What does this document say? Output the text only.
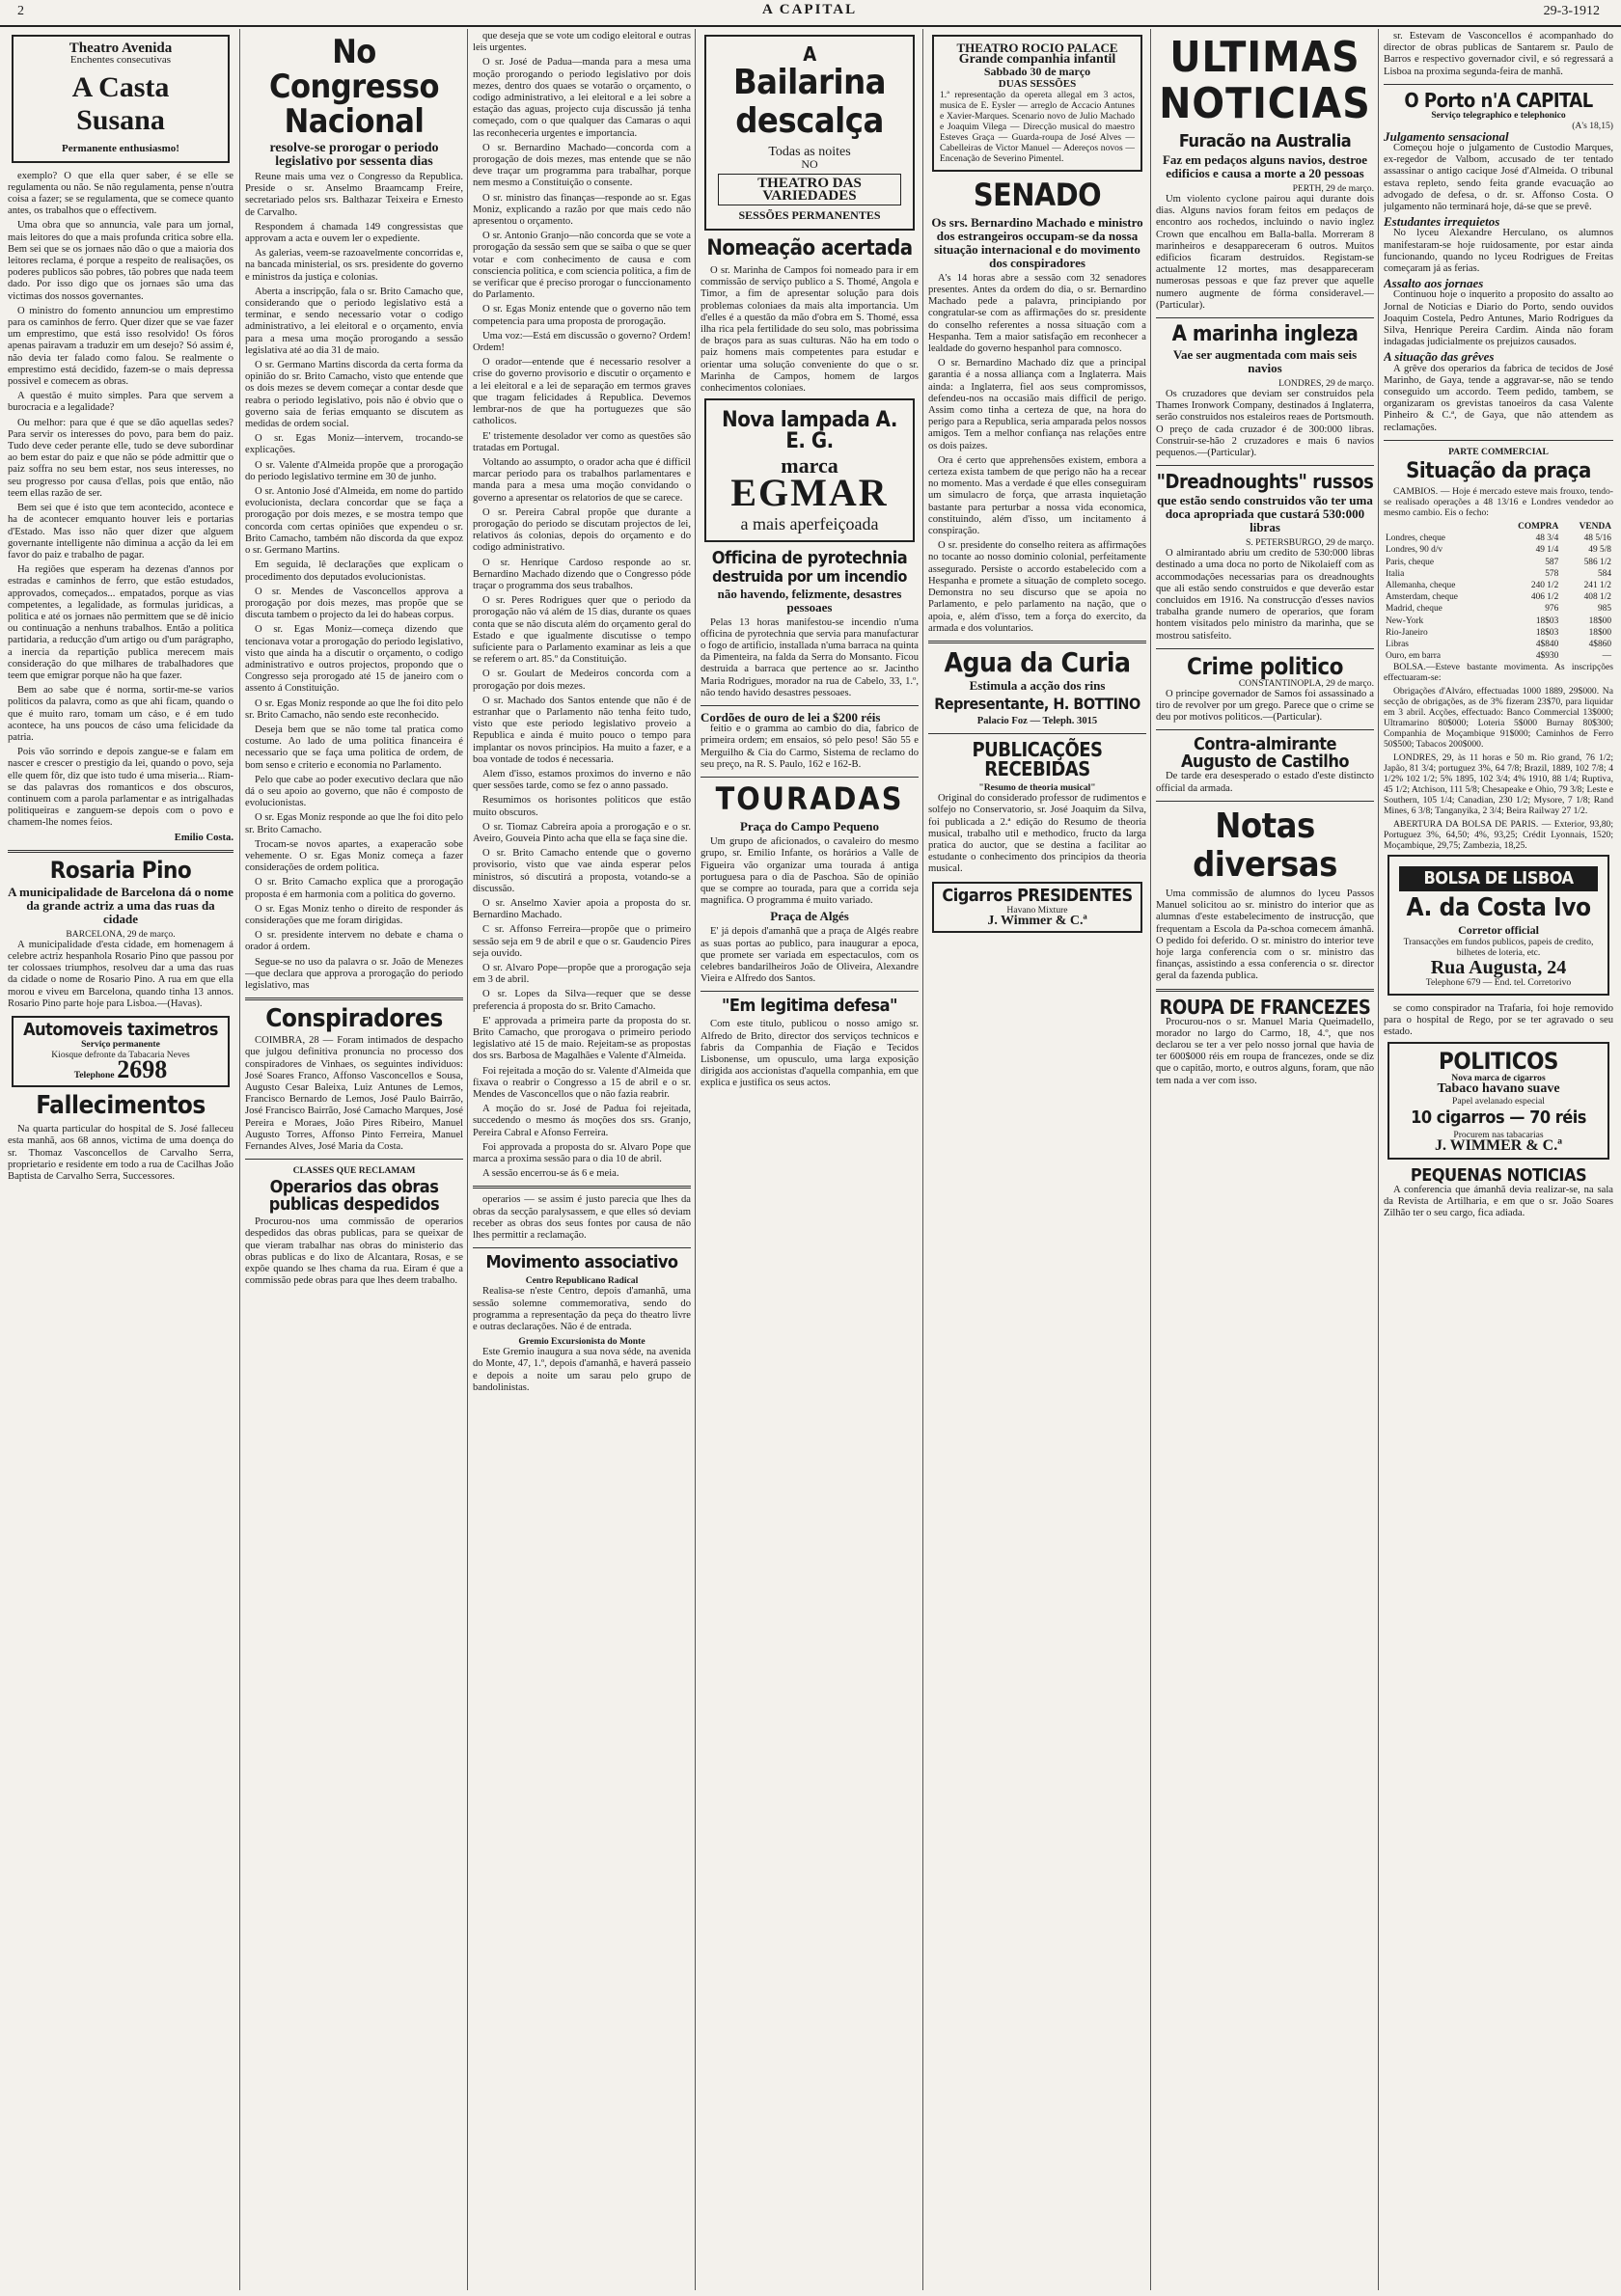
2	A CAPITAL	29-3-1912
Theatro Avenida
Enchentes consecutivas
A Casta
Susana
Permanente enthusiasmo!

exemplo? O que ella quer saber, é se elle se regulamenta ou não. Se não regulamenta, pense n'outra coisa a fazer; se se regulamenta, que se comece quanto antes, os trabalhos que o effectivem.

Uma obra que so annuncia, vale para um jornal, mais leitores do que a mais profunda critica sobre ella. Bem sei que se os jornaes não dão o que a maioria dos leitores reclama, é porque a respeito de realisações, os poderes publicos são pobres, tão pobres que nada teem dado. Por isso digo que os jornaes são uma das victimas dos nossos governantes.

O ministro do fomento annunciou um emprestimo para os caminhos de ferro. Quer dizer que se vae fazer um emprestimo, que está isso resolvido! Os fóros apenas pairavam a traduzir em um desejo? Só assim é, não devia ter falado como falou. Se realmente o emprestimo está decidido, fazem-se o mais depressa possivel e comecem as obras.

A questão é muito simples. Para que servem a burocracia e a legalidade?

Ou melhor: para que é que se dão aquellas sedes? Para servir os interesses do povo, para bem do paiz. Tudo deve ceder perante elle, tudo se deve subordinar ao bem estar do paiz e que não se póde admittir que o paiz soffra no seu bem estar, nos seus interesses, no seu progresso por causa d'ellas, pois que então, não teem ellas razão de ser.

Bem sei que é isto que tem acontecido, acontece e ha de acontecer emquanto houver leis e portarias d'Estado. Mas isso não quer dizer que alguem governante intelligente não diminua a acção da lei em favor do paiz e trabalho de pagar.

Ha regiões que esperam ha dezenas d'annos por estradas e caminhos de ferro, que estão estudados, approvados, começados... empatados, porque as vias competentes, a legalidade, as formulas juridicas, a politica e até os jornaes não permittem que se dê inicio ou continuação a nenhuns trabalhos. Então a politica partidaria, a reducção d'um artigo ou d'um parágrapho, a inercia da repartição publica merecem mais consideração do que milhares de trabalhadores que teem que emigrar porque não ha que fazer.

Bem ao sabe que é norma, sortir-me-se varios politicos da palavra, como as que ahi ficam, quando o que é muito raro, tomam um cáso, e é em tudo acontece, ha uns poucos de cáso uma felicidade da patria.

Pois vão sorrindo e depois zangue-se e falam em nascer e crescer o prestigio da lei, quando o povo, seja elle quem fôr, diz que isto tudo é uma miseria... Riam-se das palavras dos romanticos e dos obscuros, continuem com a parola parlamentar e as intrigalhadas politiqueiras e zanguem-se depois com o povo e chamem-lhe nomes feios.

Emilio Costa.
Rosaria Pino
A municipalidade de Barcelona dá o nome da grande actriz a uma das ruas da cidade
BARCELONA, 29 de março.

A municipalidade d'esta cidade, em homenagem á celebre actriz hespanhola Rosario Pino que passou por ter colossaes triumphos, resolveu dar a uma das ruas da cidade o nome de Rosario Pino. A rua em que ella morou e viveu em Barcelona, quando tinha 13 annos. Rosario Pino parte hoje para Lisboa.—(Havas).

Automoveis taximetros
Serviço permanente
Kiosque defronte da Tabacaria Neves
Telephone 2698
Fallecimentos

Na quarta particular do hospital de S. José falleceu esta manhã, aos 68 annos, victima de uma doença do sr. Thomaz Vasconcellos de Carvalho Serra, proprietario e residente em todo a rua de Cacilhas João Baptista de Carvalho Serra, Successores.

No Congresso Nacional
resolve-se prorogar o periodo legislativo por sessenta dias

Reune mais uma vez o Congresso da Republica. Preside o sr. Anselmo Braamcamp Freire, secretariado pelos srs. Balthazar Teixeira e Ernesto de Carvalho.

Respondem á chamada 149 congressistas que approvam a acta e ouvem ler o expediente.

As galerias, veem-se razoavelmente concorridas e, na bancada ministerial, os srs. presidente do governo e ministros da justiça e colonias.

Aberta a inscripção, fala o sr. Brito Camacho que, considerando que o periodo legislativo está a terminar, e sendo necessario votar o codigo administrativo, a lei eleitoral e o orçamento, envia para a mesa uma moção prorogando a sessão legislativa até ao dia 31 de maio.

O sr. Germano Martins discorda da certa forma da opinião do sr. Brito Camacho, visto que entende que os dois mezes se devem começar a contar desde que reabra o periodo legislativo, pois não é obvio que o governo saia de ferias emquanto se discutem as medidas de ordem social.

O sr. Egas Moniz—intervem, trocando-se explicações.

O sr. Valente d'Almeida propõe que a prorogação do periodo legislativo termine em 30 de junho.

O sr. Antonio José d'Almeida, em nome do partido evolucionista, declara concordar que se faça a prorogação por dois mezes, e se mostra tempo que concorda com certas opiniões que expendeu o sr. Brito Camacho, também não discorda da que expoz o sr. Germano Martins.

Em seguida, lê declarações que explicam o procedimento dos deputados evolucionistas.

O sr. Mendes de Vasconcellos approva a prorogação por dois mezes, mas propõe que se discuta tambem o projecto da lei do habeas corpus.

O sr. Egas Moniz—começa dizendo que tencionava votar a prorogação do periodo legislativo, visto que ainda ha a discutir o orçamento, o codigo administrativo e outros projectos, propondo que o Congresso seja prorogado até 15 de janeiro com o assento á Constituição.

O sr. Egas Moniz responde ao que lhe foi dito pelo sr. Brito Camacho, não sendo este reconhecido.

Deseja bem que se não tome tal pratica como costume. Ao lado de uma politica financeira é necessario que se faça uma politica de ordem, de bom senso e criterio e economia no Parlamento.

Pelo que cabe ao poder executivo declara que não dá o seu apoio ao governo, que não é composto de evolucionistas.

O sr. Egas Moniz responde ao que lhe foi dito pelo sr. Brito Camacho.

Trocam-se novos apartes, a exaperacão sobe vehemente. O sr. Egas Moniz começa a fazer considerações de ordem politica.

O sr. Brito Camacho explica que a prorogação proposta é em harmonia com a politica do governo.

O sr. Egas Moniz tenho o direito de responder ás considerações que me foram dirigidas.

O sr. presidente intervem no debate e chama o orador á ordem.

Segue-se no uso da palavra o sr. João de Menezes—que declara que approva a prorogação do periodo legislativo, mas

Conspiradores

COIMBRA, 28 — Foram intimados de despacho que julgou definitiva pronuncia no processo dos conspiradores de Vinhaes, os seguintes individuos: José Soares Franco, Affonso Vasconcellos e Sousa, Augusto Cesar Baleixa, Luiz Antunes de Lemos, Francisco Bernardo de Lemos, José Paulo Bairrão, José Francisco Bairrão, José Camacho Marques, José Pereira e Moraes, João Pires Ribeiro, Manuel Augusto Torres, Affonso Pinto Ferreira, Manuel Fernandes Alves, José Maria da Costa.

CLASSES QUE RECLAMAM
Operarios das obras publicas despedidos

Procurou-nos uma commissão de operarios despedidos das obras publicas, para se queixar de que vieram trabalhar nas obras do ministerio das obras publicas e do lixo de Alcantara, Rosas, e se expõe quando se lhes chama da rua. Eiram é que a commissão pede obras para que lhes deem trabalho.

que deseja que se vote um codigo eleitoral e outras leis urgentes.

O sr. José de Padua—manda para a mesa uma moção prorogando o periodo legislativo por dois mezes, dentro dos quaes se votarão o orçamento, o codigo administrativo, a lei eleitoral e a lei sobre a estação das aguas, projecto cuja discussão já tenha começado, com o que qualquer das Camaras o aqui las reconheceria urgentes e importancia.

O sr. Bernardino Machado—concorda com a prorogação de dois mezes, mas entende que se não deve traçar um programma para trabalhar, porque nem mesmo a Constituição o consente.

O sr. ministro das finanças—responde ao sr. Egas Moniz, explicando a razão por que mais cedo não apresentou o orçamento.

O sr. Antonio Granjo—não concorda que se vote a prorogação da sessão sem que se saiba o que se quer votar e com conhecimento de causa e com consciencia politica, e com sciencia politica, a fim de se verificar que é preciso prorogar o funccionamento do Parlamento.

O sr. Egas Moniz entende que o governo não tem competencia para uma proposta de prorogação.

Uma voz:—Está em discussão o governo? Ordem! Ordem!

O orador—entende que é necessario resolver a crise do governo provisorio e discutir o orçamento e a lei eleitoral e a lei de separação em termos graves que tragam felicidades á Republica. Devemos lembrar-nos de que ha portuguezes que são catholicos.

E' tristemente desolador ver como as questões são tratadas em Portugal.

Voltando ao assumpto, o orador acha que é difficil marcar periodo para os trabalhos parlamentares e manda para a mesa uma moção convidando o governo a apresentar os relatorios de que se carece.

O sr. Pereira Cabral propõe que durante a prorogação do periodo se discutam projectos de lei, relativos ás colonias, depois do orçamento e do codigo administrativo.

O sr. Henrique Cardoso responde ao sr. Bernardino Machado dizendo que o Congresso póde traçar o programma dos seus trabalhos.

O sr. Peres Rodrigues quer que o periodo da prorogação não vá além de 15 dias, durante os quaes conta que se não discuta além do orçamento geral do Estado e que igualmente discutisse o tempo suficiente para o Parlamento examinar as leis a que se referem o art. 85.º da Constituição.

O sr. Goulart de Medeiros concorda com a prorogação por dois mezes.

O sr. Machado dos Santos entende que não é de estranhar que o Parlamento não tenha feito tudo, visto que este periodo legislativo proveio a Republica e ainda é muito pouco o tempo para implantar os novos principios. Ha muito a fazer, e a boa vontade de todos é necessaria.

Alem d'isso, estamos proximos do inverno e não quer sessões tarde, como se fez o anno passado.

Resumimos os horisontes politicos que estão muito obscuros.

O sr. Tiomaz Cabreira apoia a prorogação e o sr. Aveiro, Gouveia Pinto acha que ella se faça sine die.

O sr. Brito Camacho entende que o governo provisorio, visto que vae ainda esperar pelos ministros, só discutirá a proposta, votando-se a discussão.

O sr. Anselmo Xavier apoia a proposta do sr. Bernardino Machado.

C sr. Affonso Ferreira—propõe que o primeiro sessão seja em 9 de abril e que o sr. Gaudencio Pires seja ouvido.

O sr. Alvaro Pope—propõe que a prorogação seja em 3 de abril.

O sr. Lopes da Silva—requer que se desse preferencia á proposta do sr. Brito Camacho.

E' approvada a primeira parte da proposta do sr. Brito Camacho, que prorogava o primeiro periodo legislativo até 15 de maio. Rejeitam-se as propostas dos srs. Barbosa de Magalhães e Valente d'Almeida.

Foi rejeitada a moção do sr. Valente d'Almeida que fixava o reabrir o Congresso a 15 de abril e o sr. Mendes de Vasconcellos que o não fazia reabrir.

A moção do sr. José de Padua foi rejeitada, succedendo o mesmo ás moções dos srs. Granjo, Pereira Cabral e Afonso Ferreira.

Foi approvada a proposta do sr. Alvaro Pope que marca a proxima sessão para o dia 10 de abril.

A sessão encerrou-se ás 6 e meia.

operarios — se assim é justo parecia que lhes da obras da secção paralysassem, e que elles só deviam receber as obras dos seus fontes por causa de não lhes permittir a reclamação.

Movimento associativo
Centro Republicano Radical

Realisa-se n'este Centro, depois d'amanhã, uma sessão solemne commemorativa, sendo do programma a representação da peça do theatro livre e outras declarações. Não é de entrada.

Gremio Excursionista do Monte

Este Gremio inaugura a sua nova séde, na avenida do Monte, 47, 1.º, depois d'amanhã, e haverá passeio e depois a noite um sarau pelo grupo de bandolinistas.

A
Bailarina
descalça
Todas as noites
NO
THEATRO DAS VARIEDADES
SESSÕES PERMANENTES
Nomeação acertada

O sr. Marinha de Campos foi nomeado para ir em commissão de serviço publico a S. Thomé, Angola e Timor, a fim de apresentar solução para dois problemas coloniaes da mais alta importancia. Um d'elles é a questão da mão d'obra em S. Thomé, essa ilha rica pela fertilidade do seu solo, mas pobrissima de braços para as suas culturas. Não ha em todo o paiz homens mais competentes para estudar e orientar uma solução conveniente do que o sr. Marinha de Campos, homem de largos conhecimentos coloniaes.

Nova lampada A. E. G.
marca
EGMAR
a mais aperfeiçoada
Officina de pyrotechnia
destruida por um incendio
não havendo, felizmente, desastres pessoaes

Pelas 13 horas manifestou-se incendio n'uma officina de pyrotechnia que servia para manufacturar o fogo de artificio, installada n'uma barraca na quinta da Pimenteira, na falda da Serra do Monsanto. Ficou destruida a barraca que pertence ao sr. Jacintho Maria Rodrigues, morador na rua de Cabelo, 33, 1.º, não tendo havido desastres pessoaes.

Cordões de ouro de lei a $200 réis

feitio e o gramma ao cambio do dia, fabrico de primeira ordem; em ensaios, só pelo peso! São 55 e Merguilho & Cia do Carmo, Sistema de reclamo do seu preço, na R. S. Paulo, 162 e 162-B.

TOURADAS
Praça do Campo Pequeno

Um grupo de aficionados, o cavaleiro do mesmo grupo, sr. Emilio Infante, os horários a Valle de Figueira vão organizar uma tourada á antiga portuguesa para o dia de Paschoa. São de opinião que se compre ao tourada, para que a corrida seja magnifica. O programma é muito variado.

Praça de Algés

E' já depois d'amanhã que a praça de Algés reabre as suas portas ao publico, para inaugurar a epoca, que promete ser variada em espectaculos, com os celebres bandarilheiros João de Oliveira, Alexandre Vieira e Alfredo dos Santos.

"Em legitima defesa"

Com este titulo, publicou o nosso amigo sr. Alfredo de Brito, director dos serviços technicos e fabris da Companhia de Fiação e Tecidos Lisbonense, um opusculo, uma larga exposição dirigida aos accionistas d'aquella companhia, em que explica e justifica os seus actos.

THEATRO ROCIO PALACE
Grande companhia infantil
Sabbado 30 de março
DUAS SESSÕES
1.ª representação da opereta allegal em 3 actos, musica de E. Eysler — arreglo de Accacio Antunes e Xavier-Marques. Scenario novo de Julio Machado e Joaquim Vilega — Direcção musical do maestro Esteves Graça — Guarda-roupa de José Alves — Cabelleiras de Victor Manuel — Adereços novos — Encenação de Severino Pimentel.
SENADO
Os srs. Bernardino Machado e ministro dos estrangeiros occupam-se da nossa situação internacional e do movimento dos conspiradores

A's 14 horas abre a sessão com 32 senadores presentes. Antes da ordem do dia, o sr. Bernardino Machado pede a palavra, principiando por congratular-se com as affirmações do sr. presidente do conselho referentes a nossa situação com a Hespanha. Tem a maior satisfação em reconhecer a lealdade do governo hespanhol para comnosco.

O sr. Bernardino Machado diz que a principal garantia é a nossa alliança com a Inglaterra. Mais ainda: a Inglaterra, fiel aos seus compromissos, defendeu-nos na occasião mais difficil de perigo. Assim como tinha a certeza de que, na hora do perigo para a Republica, seria amparada pelos nossos amigos. Tem a melhor confiança nas relações entre os dois paizes.

Ora é certo que apprehensões existem, embora a certeza exista tambem de que perigo não ha a recear no momento. Mas a verdade é que elles conseguiram um simulacro de força, que arrasta inquietação bastante para perturbar a nossa vida economica, constituindo, além d'isso, um incitamento á conspiração.

O sr. presidente do conselho reitera as affirmações no tocante ao nosso dominio colonial, perfeitamente assegurado. Persiste o accordo estabelecido com a Hespanha e promete a situação de completo socego. Demonstra no seu discurso que se apoia no Parlamento, e pelo parlamento na nação, que o apoia, e, além d'isso, tem a força do exercito, da armada e dos voluntarios.

Agua da Curia
Estimula a acção dos rins
Representante, H. BOTTINO
Palacio Foz — Teleph. 3015
PUBLICAÇÕES RECEBIDAS
"Resumo de theoria musical"

Original do considerado professor de rudimentos e solfejo no Conservatorio, sr. José Joaquim da Silva, foi publicada a 2.ª edição do Resumo de theoria musical, trabalho util e methodico, fructo da larga pratica do auctor, que se destina a facilitar ao estudante o conhecimento dos principios da theoria musical.

Cigarros PRESIDENTES
Havano Mixture
J. Wimmer & C.ª
ULTIMAS NOTICIAS
Furacão na Australia
Faz em pedaços alguns navios, destroe edificios e causa a morte a 20 pessoas
PERTH, 29 de março.

Um violento cyclone pairou aqui durante dois dias. Alguns navios foram feitos em pedaços de encontro aos rochedos, incluindo o navio inglez Crown que encalhou em Balla-balla. Morreram 8 marinheiros e desappareceram 6 outros. Muitos edificios ficaram destruidos. Registam-se actualmente 12 mortes, mas desappareceram numerosas pessoas e que faz prever que aquelle numero augmente de fórma consideravel.—(Particular).

A marinha ingleza
Vae ser augmentada com mais seis navios
LONDRES, 29 de março.

Os cruzadores que deviam ser construidos pela Thames Ironwork Company, destinados á Inglaterra, serão construidos nos estaleiros reaes de Portsmouth. O preço de cada cruzador é de 300:000 libras. Construir-se-hão 2 cruzadores e mais 6 navios pequenos.—(Particular).

"Dreadnoughts" russos
que estão sendo construidos vão ter uma doca apropriada que custará 530:000 libras
S. PETERSBURGO, 29 de março.

O almirantado abriu um credito de 530:000 libras destinado a uma doca no porto de Nikolaieff com as accommodações necessarias para os dreadnoughts que ali estão sendo construidos e que deverão estar concluidos em 1916. Na construcção d'esses navios trabalha grande numero de operarios, que foram hontem visitados pelo ministro da marinha, que se mostrou satisfeito.

Crime politico
CONSTANTINOPLA, 29 de março.

O principe governador de Samos foi assassinado a tiro de revolver por um grego. Parece que o crime se deu por motivos politicos.—(Particular).

Contra-almirante
Augusto de Castilho

De tarde era desesperado o estado d'este distincto official da armada.

Notas diversas

Uma commissão de alumnos do lyceu Passos Manuel solicitou ao sr. ministro do interior que as alumnas d'este estabelecimento de instrucção, que frequentam a Escola da Pa-schoa comecem ámanhã. O pedido foi deferido. O sr. ministro do interior teve hoje larga conferencia com o sr. ministro das finanças, assistindo a essa conferencia o sr. director geral da fazenda publica.

ROUPA DE FRANCEZES

Procurou-nos o sr. Manuel Maria Queimadello, morador no largo do Carmo, 18, 4.º, que nos declarou se ter a ver pelo nosso jornal que havia de ter 600$000 réis em roupa de francezes, onde se diz que o capitão, morto, e outros alguns, foram, que não tem nada a ver com isso.

sr. Estevam de Vasconcellos é acompanhado do director de obras publicas de Santarem sr. Paulo de Barros e respectivo governador civil, e só regressará a Lisboa na proxima segunda-feira de manhã.

O Porto n'A CAPITAL
Serviço telegraphico e telephonico
(A's 18,15)
Julgamento sensacional

Começou hoje o julgamento de Custodio Marques, ex-regedor de Valbom, accusado de ter tentado assassinar o antigo cacique José d'Almeida. O tribunal estava repleto, sendo feita grande evacuação ao advogado de defesa, o dr. sr. Affonso Costa. O julgamento não terminará hoje, dá-se que se prevê.

Estudantes irrequietos

No lyceu Alexandre Herculano, os alumnos manifestaram-se hoje ruidosamente, por estar ainda funcionando, quando no lyceu Rodrigues de Freitas começaram já as ferias.

Assalto aos jornaes

Continuou hoje o inquerito a proposito do assalto ao Jornal de Noticias e Diario do Porto, sendo ouvidos Joaquim Costela, Pedro Antunes, Mario Rodrigues da Silva, Henrique Pereira Cardim. Ainda não foram indagadas judicialmente os prejuizos causados.

A situação das grêves

A grêve dos operarios da fabrica de tecidos de José Marinho, de Gaya, tende a aggravar-se, não se tendo conseguido um accordo. Teem pedido, tambem, se organizaram os grevistas tanoeiros da casa Valente Pinheiro & C.ª, de Gaya, que não attendem as reclamações.

PARTE COMMERCIAL
Situação da praça

CAMBIOS. — Hoje é mercado esteve mais frouxo, tendo-se realisado operações a 48 13/16 e Londres vendedor ao mesmo cambio. Eis o fecho:

	COMPRA	VENDA
Londres, cheque	48 3/4	48 5/16
Londres, 90 d/v	49 1/4	49 5/8
Paris, cheque	587	586 1/2
Italia	578	584
Allemanha, cheque	240 1/2	241 1/2
Amsterdam, cheque	406 1/2	408 1/2
Madrid, cheque	976	985
New-York	18$03	18$00
Rio-Janeiro	18$03	18$00
Libras	4$840	4$860
Ouro, em barra	4$930	—

BOLSA.—Esteve bastante movimenta. As inscripções effectuaram-se:

Obrigações d'Alváro, effectuadas 1000 1889, 29$000. Na secção de obrigações, as de 3% fizeram 23$70, para liquidar em 3 abril. Acções, effectuado: Banco Commercial 13$000; Ultramarino 80$000; Loteria 5$000 Burnay 80$300; Companhia de Moçambique 91$000; Caminhos de Ferro 50$500; Tabacos 200$000.

LONDRES, 29, às 11 horas e 50 m. Rio grand, 76 1/2; Japão, 81 3/4; portuguez 3%, 64 7/8; Brazil, 1889, 102 7/8; 4 1/2% 102 1/2; 5% 1895, 102 3/4; 4% 1910, 88 1/4; Ruptiva, 45 1/2; Atchison, 111 5/8; Chesapeake e Ohio, 79 3/8; Leste e Southern, 105 1/4; Canadian, 230 1/2; Mysore, 7 1/8; Rand Mines, 6 3/8; Tanganyika, 2 3/4; Beira Railway 27 1/2.

ABERTURA DA BOLSA DE PARIS. — Exterior, 93,80; Portuguez 3%, 64,50; 4%, 93,25; Crédit Lyonnais, 1520; Moçambique, 29,75; Zambezia, 18,25.

BOLSA DE LISBOA
A. da Costa Ivo
Corretor official
Transacções em fundos publicos, papeis de credito, bilhetes de loteria, etc.
Rua Augusta, 24
Telephone 679 — End. tel. Corretorivo

se como conspirador na Trafaria, foi hoje removido para o hospital de Rego, por se ter agravado o seu estado.

POLITICOS
Nova marca de cigarros
Tabaco havano suave
Papel avelanado especial
10 cigarros — 70 réis
Procurem nas tabacarias
J. WIMMER & C.ª
PEQUENAS NOTICIAS

A conferencia que ámanhã devia realizar-se, na sala da Revista de Artilharia, e em que o sr. João Soares Zilhão ter o seu cargo, fica adiada.
